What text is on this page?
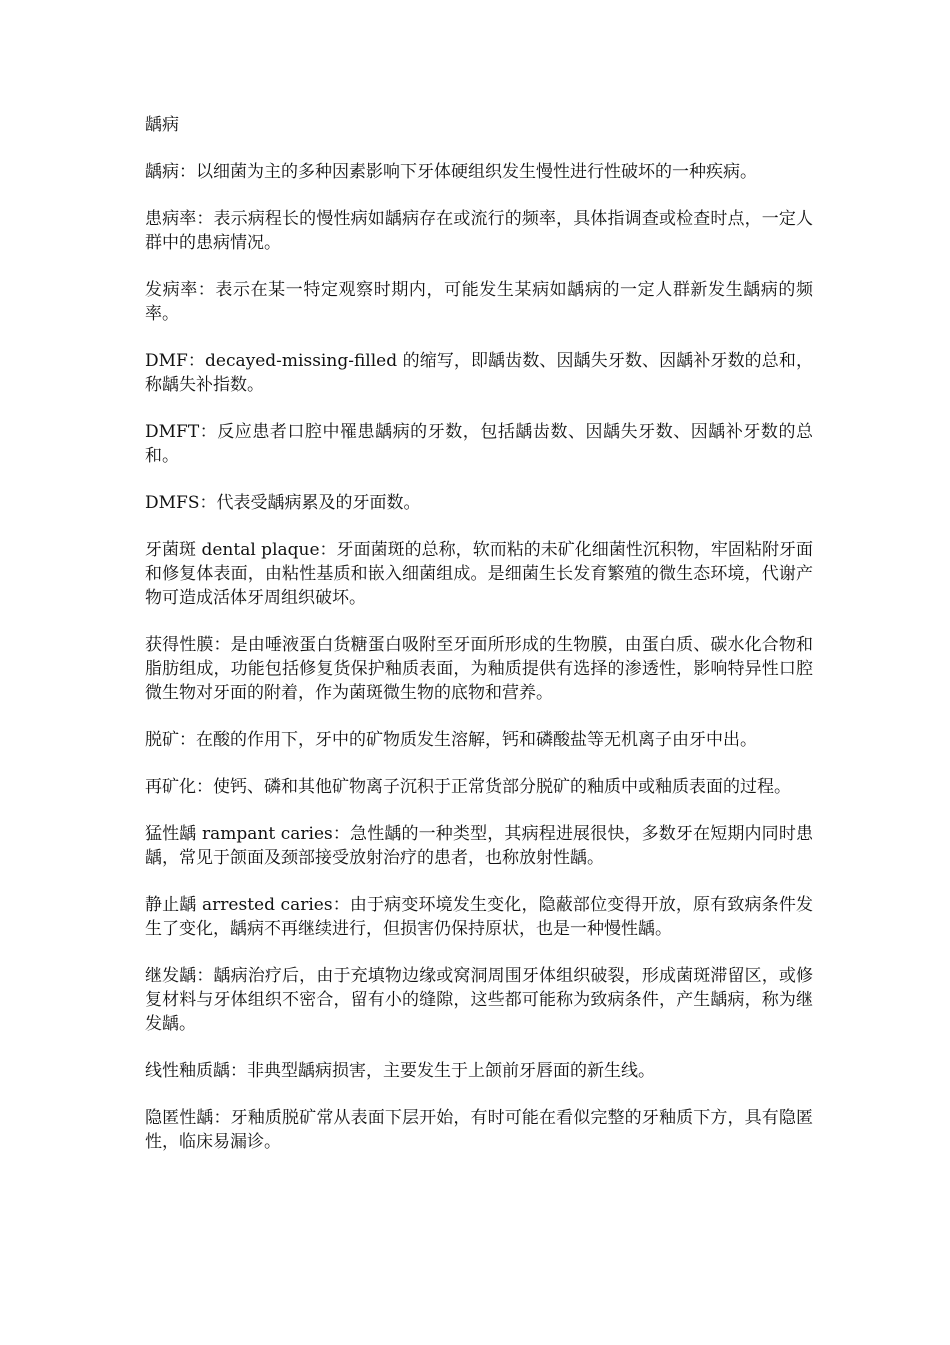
龋病
龋病：以细菌为主的多种因素影响下牙体硬组织发生慢性进行性破坏的一种疾病。
患病率：表示病程长的慢性病如龋病存在或流行的频率，具体指调查或检查时点，一定人群中的患病情况。
发病率：表示在某一特定观察时期内，可能发生某病如龋病的一定人群新发生龋病的频率。
DMF：decayed-missing-filled 的缩写，即龋齿数、因龋失牙数、因龋补牙数的总和，称龋失补指数。
DMFT：反应患者口腔中罹患龋病的牙数，包括龋齿数、因龋失牙数、因龋补牙数的总和。
DMFS：代表受龋病累及的牙面数。
牙菌斑 dental plaque：牙面菌斑的总称，软而粘的未矿化细菌性沉积物，牢固粘附牙面和修复体表面，由粘性基质和嵌入细菌组成。是细菌生长发育繁殖的微生态环境，代谢产物可造成活体牙周组织破坏。
获得性膜：是由唾液蛋白货糖蛋白吸附至牙面所形成的生物膜，由蛋白质、碳水化合物和脂肪组成，功能包括修复货保护釉质表面，为釉质提供有选择的渗透性，影响特异性口腔微生物对牙面的附着，作为菌斑微生物的底物和营养。
脱矿：在酸的作用下，牙中的矿物质发生溶解，钙和磷酸盐等无机离子由牙中出。
再矿化：使钙、磷和其他矿物离子沉积于正常货部分脱矿的釉质中或釉质表面的过程。
猛性龋 rampant caries：急性龋的一种类型，其病程进展很快，多数牙在短期内同时患龋，常见于颌面及颈部接受放射治疗的患者，也称放射性龋。
静止龋 arrested caries：由于病变环境发生变化，隐蔽部位变得开放，原有致病条件发生了变化，龋病不再继续进行，但损害仍保持原状，也是一种慢性龋。
继发龋：龋病治疗后，由于充填物边缘或窝洞周围牙体组织破裂，形成菌斑滞留区，或修复材料与牙体组织不密合，留有小的缝隙，这些都可能称为致病条件，产生龋病，称为继发龋。
线性釉质龋：非典型龋病损害，主要发生于上颌前牙唇面的新生线。
隐匿性龋：牙釉质脱矿常从表面下层开始，有时可能在看似完整的牙釉质下方，具有隐匿性，临床易漏诊。
